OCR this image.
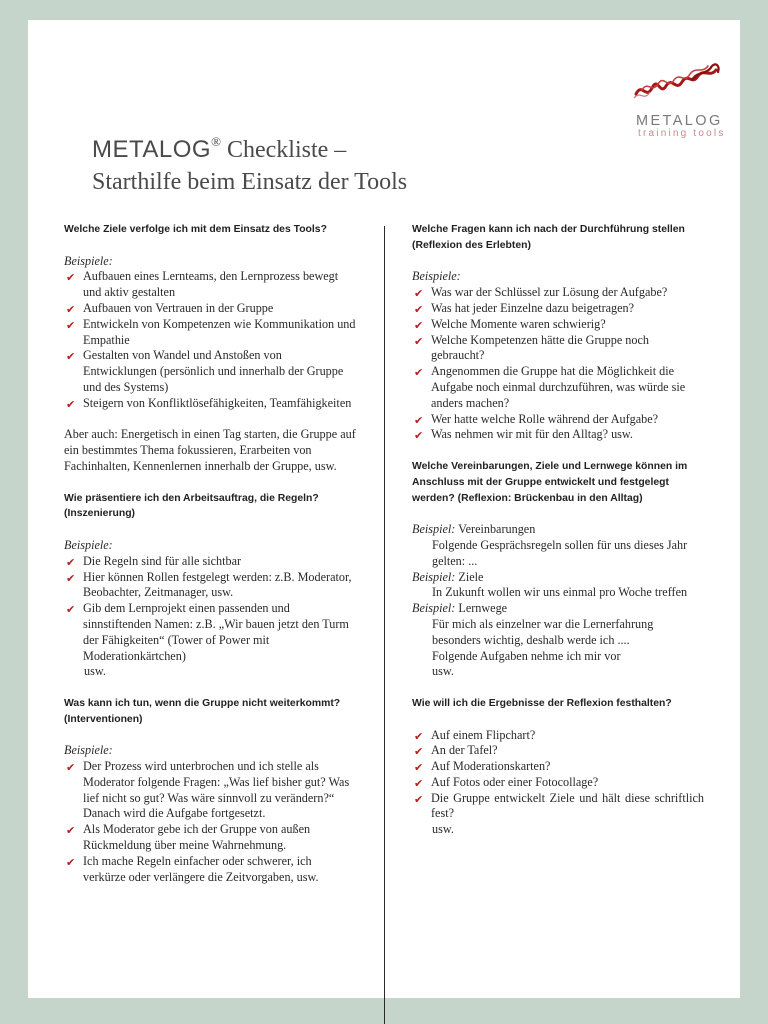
METALOG
training tools
METALOG® Checkliste –
Starthilfe beim Einsatz der Tools
Welche Ziele verfolge ich mit dem Einsatz des Tools?
Beispiele:
✔ Aufbauen eines Lernteams, den Lernprozess bewegt und aktiv gestalten
✔ Aufbauen von Vertrauen in der Gruppe
✔ Entwickeln von Kompetenzen wie Kommunikation und Empathie
✔ Gestalten von Wandel und Anstoßen von Entwicklungen (persönlich und innerhalb der Gruppe und des Systems)
✔ Steigern von Konfliktlösefähigkeiten, Teamfähigkeiten

Aber auch: Energetisch in einen Tag starten, die Gruppe auf ein bestimmtes Thema fokussieren, Erarbeiten von Fachinhalten, Kennenlernen innerhalb der Gruppe, usw.

Wie präsentiere ich den Arbeitsauftrag, die Regeln? (Inszenierung)
Beispiele:
✔ Die Regeln sind für alle sichtbar
✔ Hier können Rollen festgelegt werden: z.B. Moderator, Beobachter, Zeitmanager, usw.
✔ Gib dem Lernprojekt einen passenden und sinnstiftenden Namen: z.B. „Wir bauen jetzt den Turm der Fähigkeiten“ (Tower of Power mit Moderationkärtchen)

usw.

Was kann ich tun, wenn die Gruppe nicht weiterkommt? (Interventionen)
Beispiele:
✔ Der Prozess wird unterbrochen und ich stelle als Moderator folgende Fragen: „Was lief bisher gut? Was lief nicht so gut? Was wäre sinnvoll zu verändern?“ Danach wird die Aufgabe fortgesetzt.
✔ Als Moderator gebe ich der Gruppe von außen Rückmeldung über meine Wahrnehmung.
✔ Ich mache Regeln einfacher oder schwerer, ich verkürze oder verlängere die Zeitvorgaben, usw.
Welche Fragen kann ich nach der Durchführung stellen (Reflexion des Erlebten)
Beispiele:
✔ Was war der Schlüssel zur Lösung der Aufgabe?
✔ Was hat jeder Einzelne dazu beigetragen?
✔ Welche Momente waren schwierig?
✔ Welche Kompetenzen hätte die Gruppe noch gebraucht?
✔ Angenommen die Gruppe hat die Möglichkeit die Aufgabe noch einmal durchzuführen, was würde sie anders machen?
✔ Wer hatte welche Rolle während der Aufgabe?
✔ Was nehmen wir mit für den Alltag? usw.
Welche Vereinbarungen, Ziele und Lernwege können im Anschluss mit der Gruppe entwickelt und festgelegt werden? (Reflexion: Brückenbau in den Alltag)

Beispiel: Vereinbarungen

Folgende Gesprächsregeln sollen für uns dieses Jahr gelten: ...

Beispiel: Ziele

In Zukunft wollen wir uns einmal pro Woche treffen

Beispiel: Lernwege

Für mich als einzelner war die Lernerfahrung besonders wichtig, deshalb werde ich ....

Folgende Aufgaben nehme ich mir vor

usw.

Wie will ich die Ergebnisse der Reflexion festhalten?
✔ Auf einem Flipchart?
✔ An der Tafel?
✔ Auf Moderationskarten?
✔ Auf Fotos oder einer Fotocollage?
✔ Die Gruppe entwickelt Ziele und hält diese schriftlich fest?

usw.
